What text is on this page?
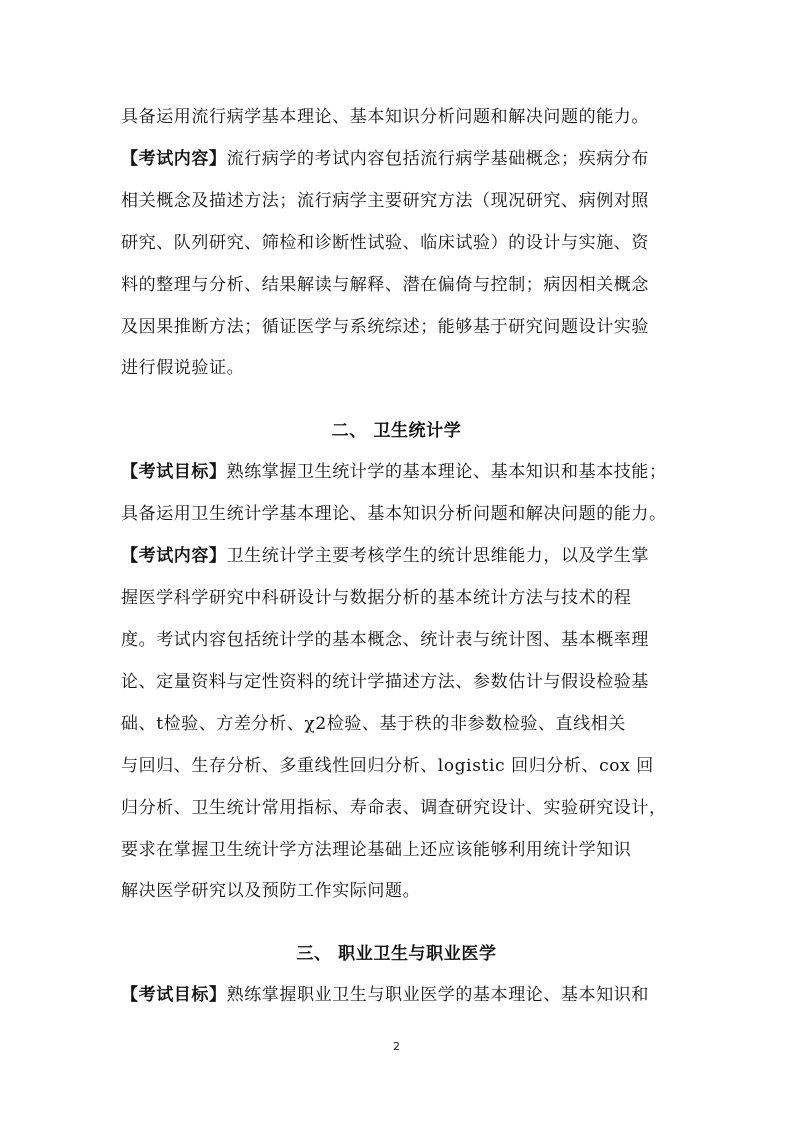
具备运用流行病学基本理论、基本知识分析问题和解决问题的能力。
【考试内容】流行病学的考试内容包括流行病学基础概念；疾病分布
相关概念及描述方法；流行病学主要研究方法（现况研究、病例对照
研究、队列研究、筛检和诊断性试验、临床试验）的设计与实施、资
料的整理与分析、结果解读与解释、潜在偏倚与控制；病因相关概念
及因果推断方法；循证医学与系统综述；能够基于研究问题设计实验
进行假说验证。
二、 卫生统计学
【考试目标】熟练掌握卫生统计学的基本理论、基本知识和基本技能；
具备运用卫生统计学基本理论、基本知识分析问题和解决问题的能力。
【考试内容】卫生统计学主要考核学生的统计思维能力，以及学生掌
握医学科学研究中科研设计与数据分析的基本统计方法与技术的程
度。考试内容包括统计学的基本概念、统计表与统计图、基本概率理
论、定量资料与定性资料的统计学描述方法、参数估计与假设检验基
础、t检验、方差分析、χ2检验、基于秩的非参数检验、直线相关
与回归、生存分析、多重线性回归分析、logistic 回归分析、cox 回
归分析、卫生统计常用指标、寿命表、调查研究设计、实验研究设计，
要求在掌握卫生统计学方法理论基础上还应该能够利用统计学知识
解决医学研究以及预防工作实际问题。
三、 职业卫生与职业医学
【考试目标】熟练掌握职业卫生与职业医学的基本理论、基本知识和
2
